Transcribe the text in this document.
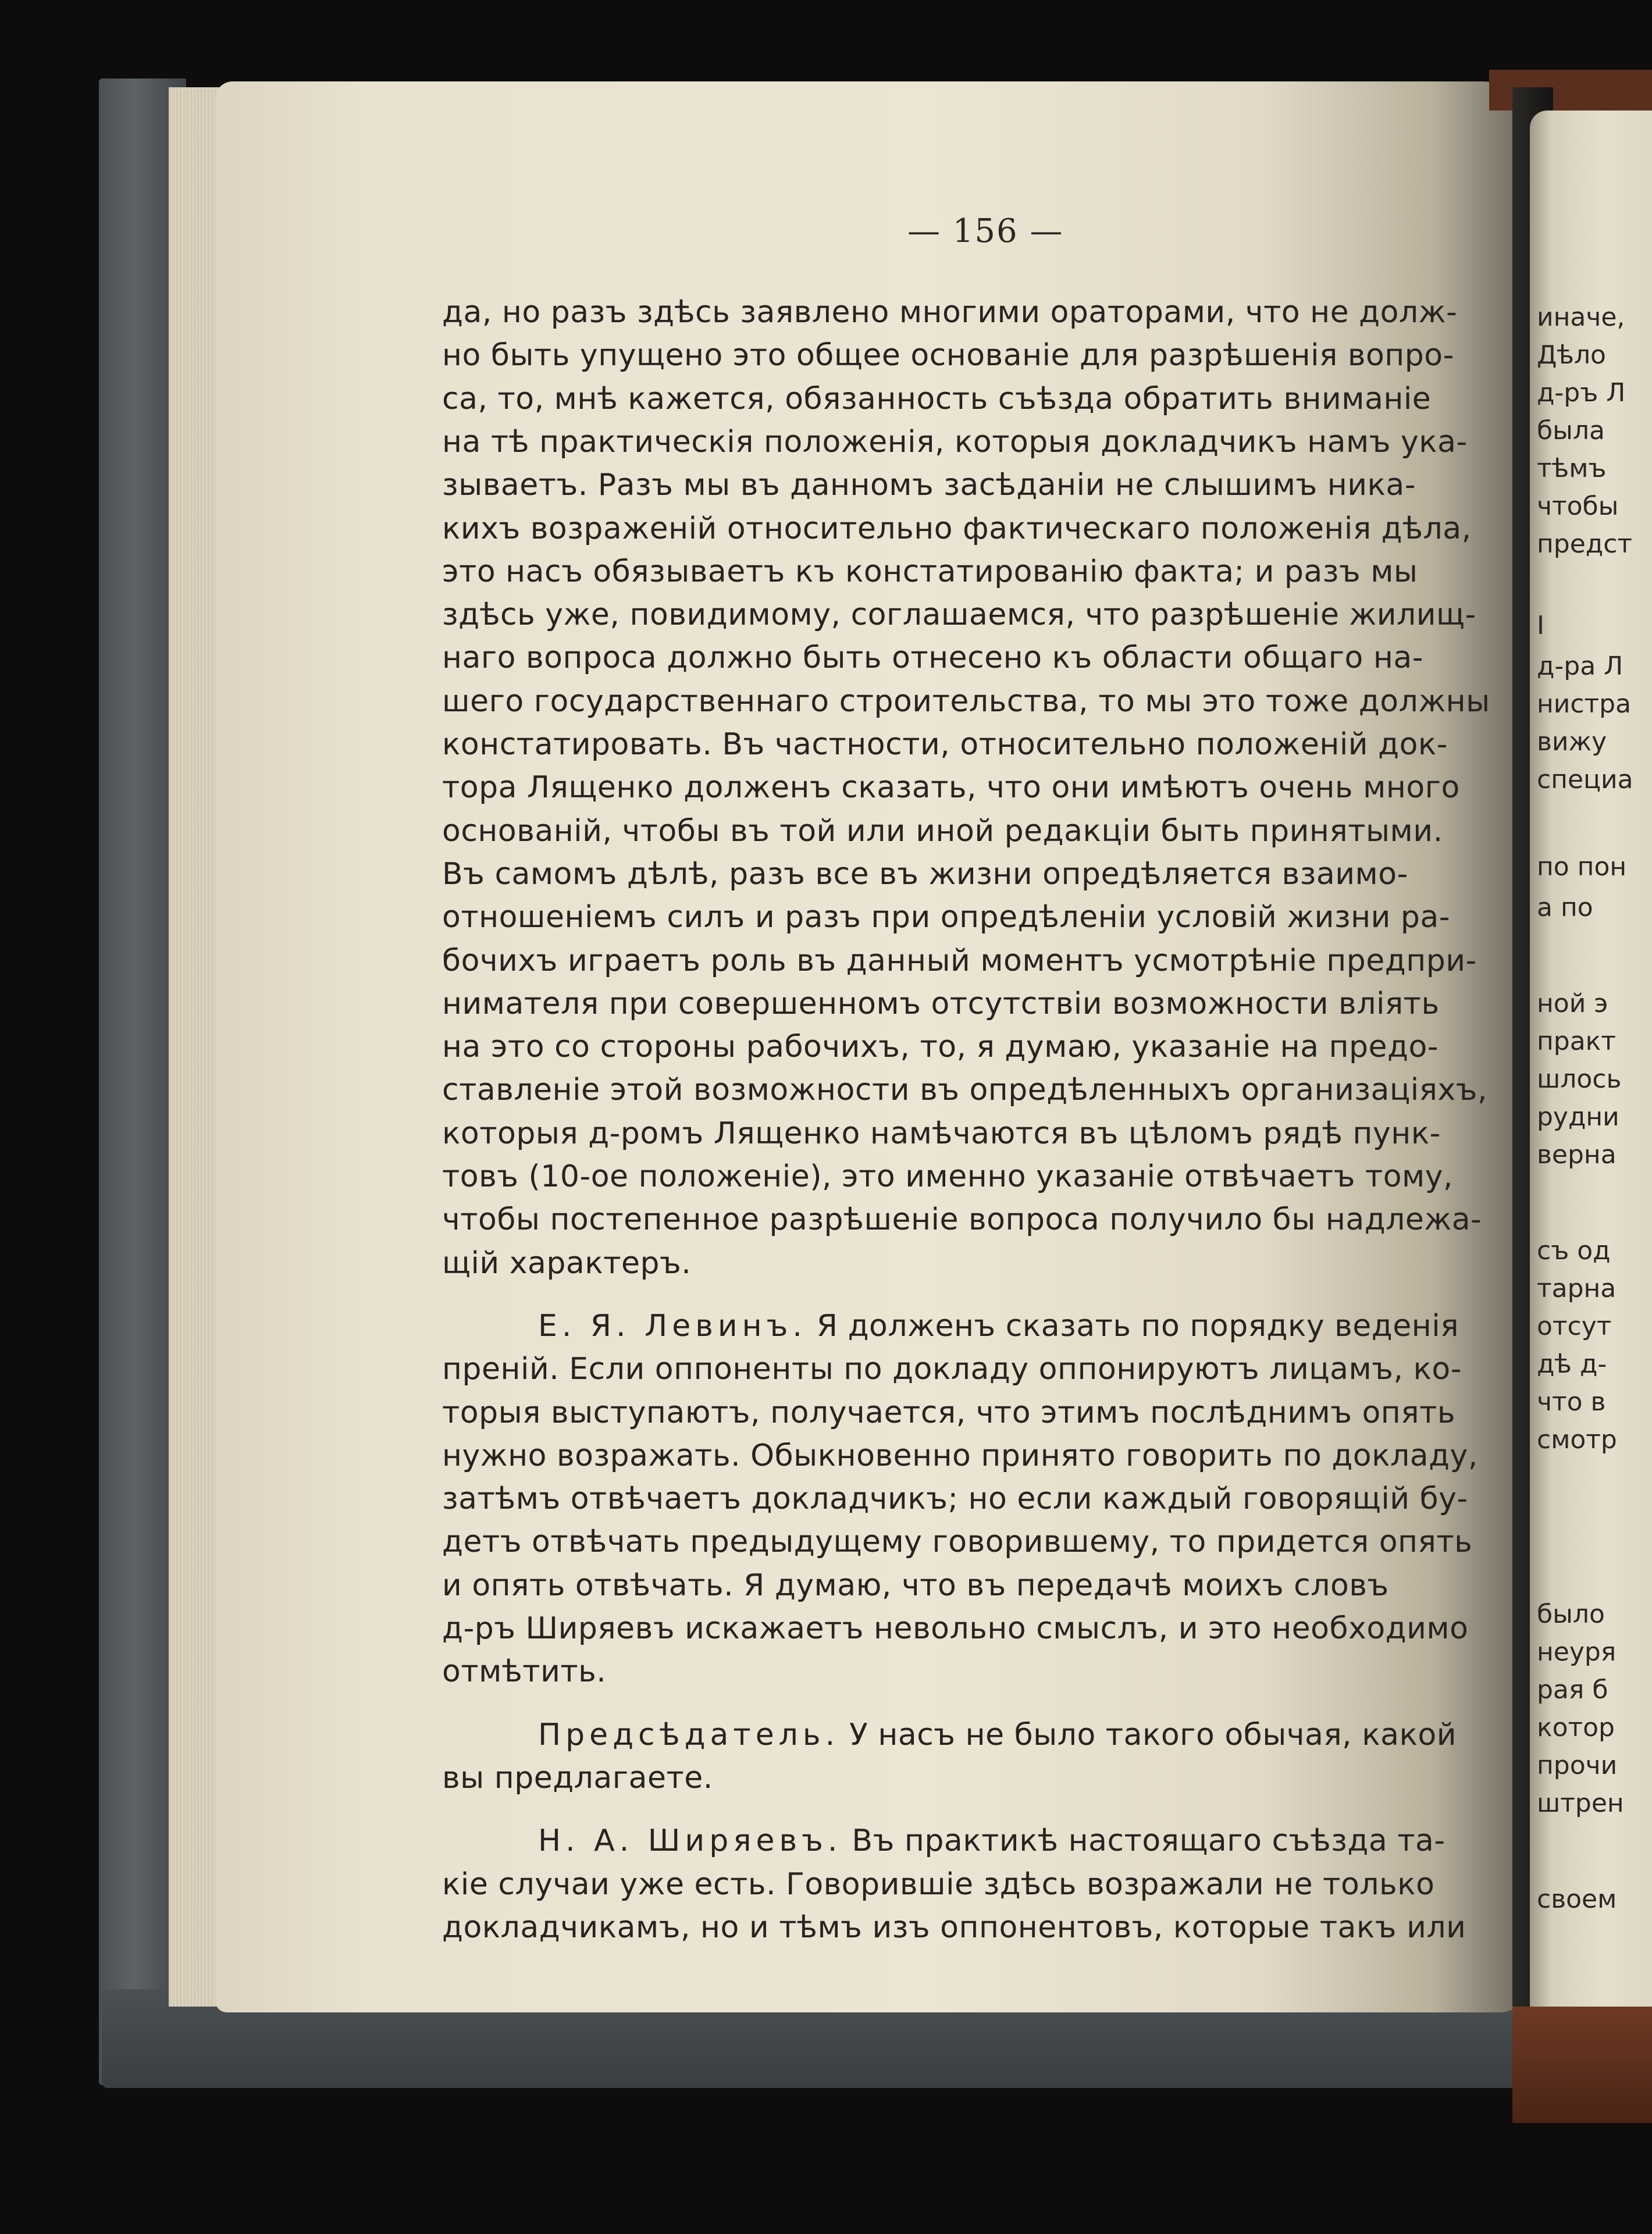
иначе,
Дѣло
д-ръ Л
была
тѣмъ
чтобы
предст
І
д-ра Л
нистра
вижу
специа
по пон
а по
ной э
практ
шлось
рудни
верна
съ од
тарна
отсут
дѣ д-
что в
смотр
было
неуря
рая б
котор
прочи
штрен
своем
— 156 —
да, но разъ здѣсь заявлено многими ораторами, что не долж-
но быть упущено это общее основаніе для разрѣшенія вопро-
са, то, мнѣ кажется, обязанность съѣзда обратить вниманіе
на тѣ практическія положенія, которыя докладчикъ намъ ука-
зываетъ. Разъ мы въ данномъ засѣданіи не слышимъ ника-
кихъ возраженій относительно фактическаго положенія дѣла,
это насъ обязываетъ къ констатированію факта; и разъ мы
здѣсь уже, повидимому, соглашаемся, что разрѣшеніе жилищ-
наго вопроса должно быть отнесено къ области общаго на-
шего государственнаго строительства, то мы это тоже должны
констатировать. Въ частности, относительно положеній док-
тора Лященко долженъ сказать, что они имѣютъ очень много
основаній, чтобы въ той или иной редакціи быть принятыми.
Въ самомъ дѣлѣ, разъ все въ жизни опредѣляется взаимо-
отношеніемъ силъ и разъ при опредѣленіи условій жизни ра-
бочихъ играетъ роль въ данный моментъ усмотрѣніе предпри-
нимателя при совершенномъ отсутствіи возможности вліять
на это со стороны рабочихъ, то, я думаю, указаніе на предо-
ставленіе этой возможности въ опредѣленныхъ организаціяхъ,
которыя д-ромъ Лященко намѣчаются въ цѣломъ рядѣ пунк-
товъ (10-ое положеніе), это именно указаніе отвѣчаетъ тому,
чтобы постепенное разрѣшеніе вопроса получило бы надлежа-
щій характеръ.
Е. Я. Левинъ. Я долженъ сказать по порядку веденія
преній. Если оппоненты по докладу оппонируютъ лицамъ, ко-
торыя выступаютъ, получается, что этимъ послѣднимъ опять
нужно возражать. Обыкновенно принято говорить по докладу,
затѣмъ отвѣчаетъ докладчикъ; но если каждый говорящій бу-
детъ отвѣчать предыдущему говорившему, то придется опять
и опять отвѣчать. Я думаю, что въ передачѣ моихъ словъ
д-ръ Ширяевъ искажаетъ невольно смыслъ, и это необходимо
отмѣтить.
Предсѣдатель. У насъ не было такого обычая, какой
вы предлагаете.
Н. А. Ширяевъ. Въ практикѣ настоящаго съѣзда та-
кіе случаи уже есть. Говорившіе здѣсь возражали не только
докладчикамъ, но и тѣмъ изъ оппонентовъ, которые такъ или
